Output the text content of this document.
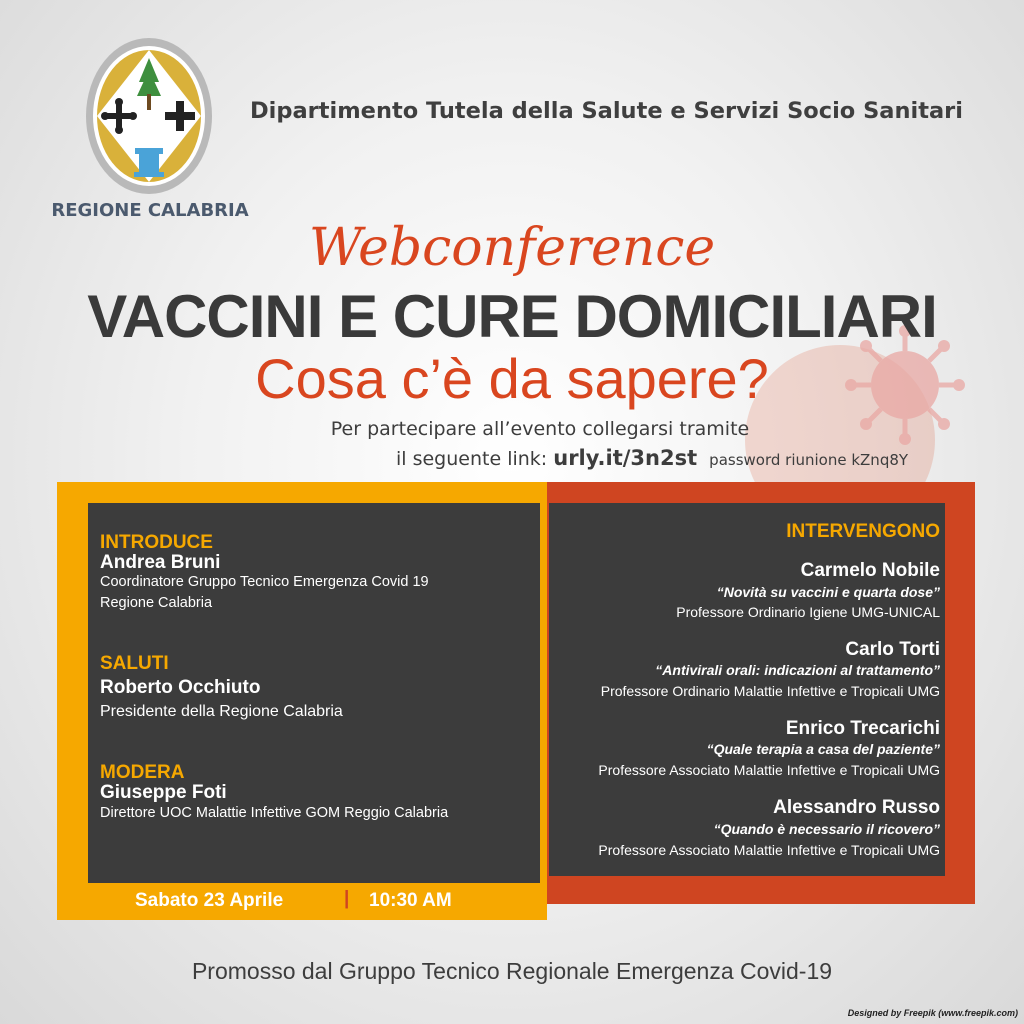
REGIONE CALABRIA
Dipartimento Tutela della Salute e Servizi Socio Sanitari
Webconference
VACCINI E CURE DOMICILIARI
Cosa c’è da sapere?
Per partecipare all’evento collegarsi tramite
il seguente link: urly.it/3n2st password riunione kZnq8Y
INTRODUCE
Andrea Bruni
Coordinatore Gruppo Tecnico Emergenza Covid 19
Regione Calabria
SALUTI
Roberto Occhiuto
Presidente della Regione Calabria
MODERA
Giuseppe Foti
Direttore UOC Malattie Infettive GOM Reggio Calabria
INTERVENGONO
Carmelo Nobile
“Novità su vaccini e quarta dose”
Professore Ordinario Igiene UMG-UNICAL
Carlo Torti
“Antivirali orali: indicazioni al trattamento”
Professore Ordinario Malattie Infettive e Tropicali UMG
Enrico Trecarichi
“Quale terapia a casa del paziente”
Professore Associato Malattie Infettive e Tropicali UMG
Alessandro Russo
“Quando è necessario il ricovero”
Professore Associato Malattie Infettive e Tropicali UMG
Sabato 23 Aprile	| 10:30 AM
Promosso dal Gruppo Tecnico Regionale Emergenza Covid-19
Designed by Freepik (www.freepik.com)
